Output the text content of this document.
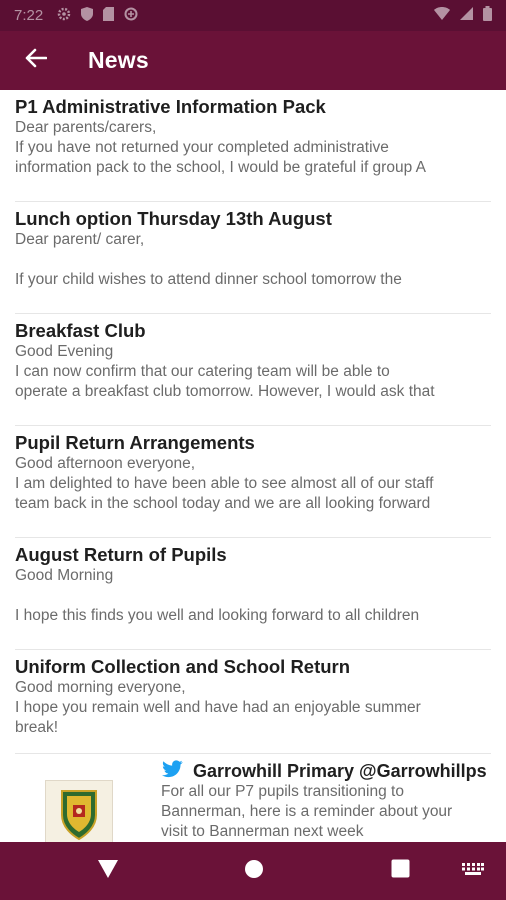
7:22
News
P1 Administrative Information Pack
Dear parents/carers,
If you have not returned your completed administrative
information pack to the school, I would be grateful if group A
Lunch option Thursday 13th August
Dear parent/ carer,
If your child wishes to attend dinner school tomorrow the
Breakfast Club
Good Evening
I can now confirm that our catering team will be able to
operate a breakfast club tomorrow. However, I would ask that
Pupil Return Arrangements
Good afternoon everyone,
I am delighted to have been able to see almost all of our staff
team back in the school today and we are all looking forward
August Return of Pupils
Good Morning
I hope this finds you well and looking forward to all children
Uniform Collection and School Return
Good morning everyone,
I hope you remain well and have had an enjoyable summer
break!
Garrowhill Primary @Garrowhillps
For all our P7 pupils transitioning to
Bannerman, here is a reminder about your
visit to Bannerman next week
